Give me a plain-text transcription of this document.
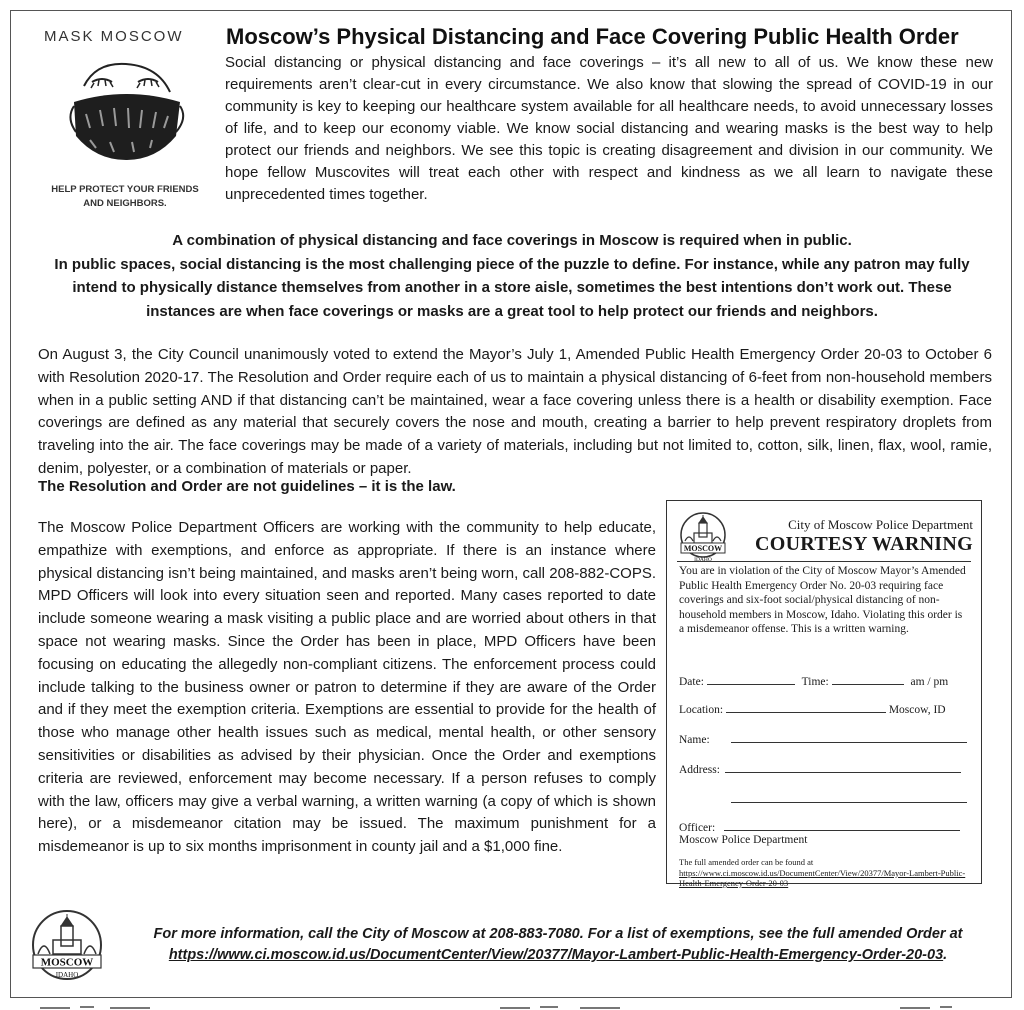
MASK MOSCOW
HELP PROTECT YOUR FRIENDS AND NEIGHBORS.
Moscow’s Physical Distancing and Face Covering Public Health Order
Social distancing or physical distancing and face coverings – it’s all new to all of us. We know these new requirements aren’t clear-cut in every circumstance. We also know that slowing the spread of COVID-19 in our community is key to keeping our healthcare system available for all healthcare needs, to avoid unnecessary losses of life, and to keep our economy viable. We know social distancing and wearing masks is the best way to help protect our friends and neighbors. We see this topic is creating disagreement and division in our community. We hope fellow Muscovites will treat each other with respect and kindness as we all learn to navigate these unprecedented times together.
A combination of physical distancing and face coverings in Moscow is required when in public.
In public spaces, social distancing is the most challenging piece of the puzzle to define. For instance, while any patron may fully intend to physically distance themselves from another in a store aisle, sometimes the best intentions don’t work out. These instances are when face coverings or masks are a great tool to help protect our friends and neighbors.
On August 3, the City Council unanimously voted to extend the Mayor’s July 1, Amended Public Health Emergency Order 20-03 to October 6 with Resolution 2020-17. The Resolution and Order require each of us to maintain a physical distancing of 6-feet from non-household members when in a public setting AND if that distancing can’t be maintained, wear a face covering unless there is a health or disability exemption. Face coverings are defined as any material that securely covers the nose and mouth, creating a barrier to help prevent respiratory droplets from traveling into the air. The face coverings may be made of a variety of materials, including but not limited to, cotton, silk, linen, flax, wool, ramie, denim, polyester, or a combination of materials or paper.
The Resolution and Order are not guidelines – it is the law.
The Moscow Police Department Officers are working with the community to help educate, empathize with exemptions, and enforce as appropriate. If there is an instance where physical distancing isn’t being maintained, and masks aren’t being worn, call 208-882-COPS. MPD Officers will look into every situation seen and reported. Many cases reported to date include someone wearing a mask visiting a public place and are worried about others in that space not wearing masks. Since the Order has been in place, MPD Officers have been focusing on educating the allegedly non-compliant citizens. The enforcement process could include talking to the business owner or patron to determine if they are aware of the Order and if they meet the exemption criteria. Exemptions are essential to provide for the health of those who manage other health issues such as medical, mental health, or other sensory sensitivities or disabilities as advised by their physician. Once the Order and exemptions criteria are reviewed, enforcement may become necessary. If a person refuses to comply with the law, officers may give a verbal warning, a written warning (a copy of which is shown here), or a misdemeanor citation may be issued. The maximum punishment for a misdemeanor is up to six months imprisonment in county jail and a $1,000 fine.
MOSCOW
IDAHO
City of Moscow Police Department
COURTESY WARNING
You are in violation of the City of Moscow Mayor’s Amended Public Health Emergency Order No. 20-03 requiring face coverings and six-foot social/physical distancing of non-household members in Moscow, Idaho. Violating this order is a misdemeanor offense. This is a written warning.
Date:	Time:	am / pm
Location:	Moscow, ID
Name:
Address:
Officer:
Moscow Police Department
The full amended order can be found at https://www.ci.moscow.id.us/DocumentCenter/View/20377/Mayor-Lambert-Public-Health-Emergency-Order-20-03
MOSCOW
IDAHO
For more information, call the City of Moscow at 208-883-7080. For a list of exemptions, see the full amended Order at
https://www.ci.moscow.id.us/DocumentCenter/View/20377/Mayor-Lambert-Public-Health-Emergency-Order-20-03.
